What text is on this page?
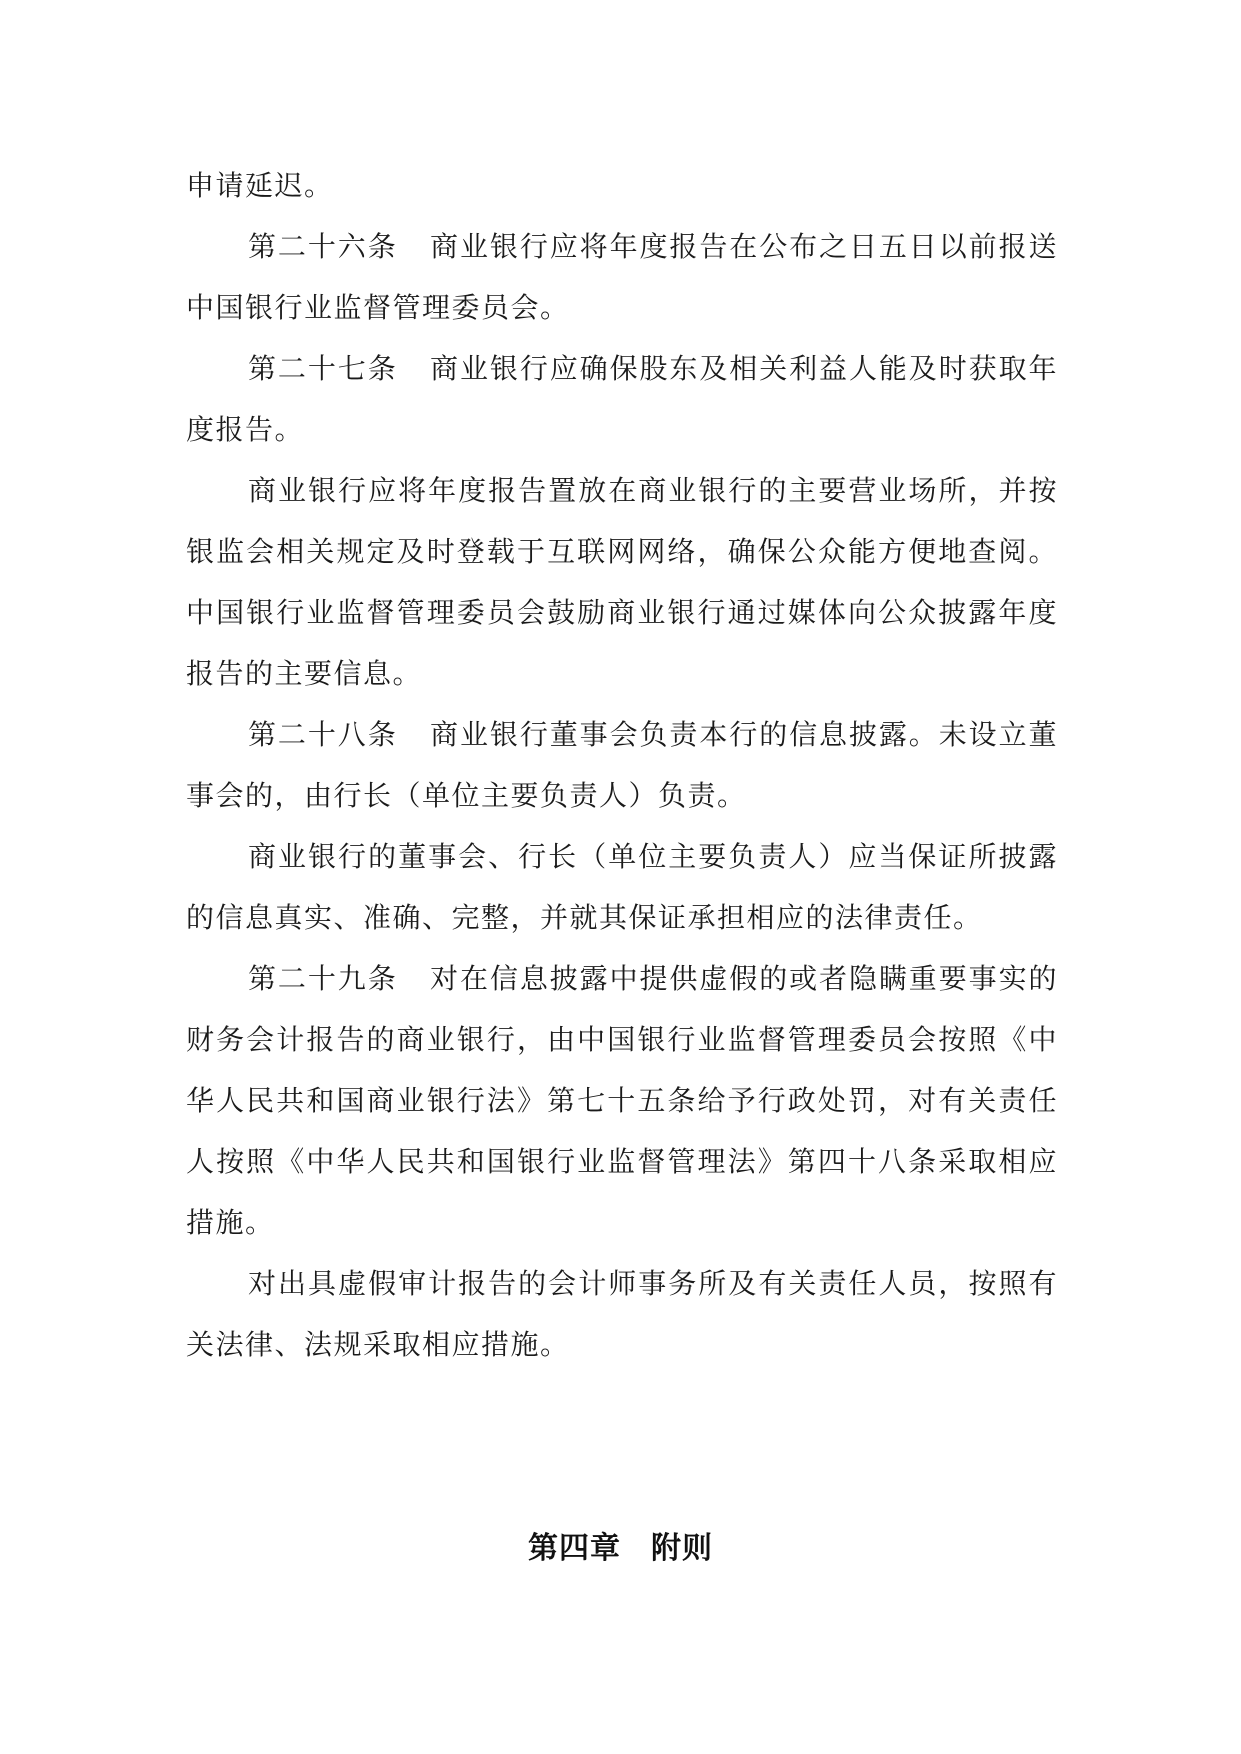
申请延迟。

第二十六条 商业银行应将年度报告在公布之日五日以前报送中国银行业监督管理委员会。

第二十七条 商业银行应确保股东及相关利益人能及时获取年度报告。

商业银行应将年度报告置放在商业银行的主要营业场所，并按银监会相关规定及时登载于互联网网络，确保公众能方便地查阅。中国银行业监督管理委员会鼓励商业银行通过媒体向公众披露年度报告的主要信息。

第二十八条 商业银行董事会负责本行的信息披露。未设立董事会的，由行长（单位主要负责人）负责。

商业银行的董事会、行长（单位主要负责人）应当保证所披露的信息真实、准确、完整，并就其保证承担相应的法律责任。

第二十九条 对在信息披露中提供虚假的或者隐瞒重要事实的财务会计报告的商业银行，由中国银行业监督管理委员会按照《中华人民共和国商业银行法》第七十五条给予行政处罚，对有关责任人按照《中华人民共和国银行业监督管理法》第四十八条采取相应措施。

对出具虚假审计报告的会计师事务所及有关责任人员，按照有关法律、法规采取相应措施。

第四章 附则
